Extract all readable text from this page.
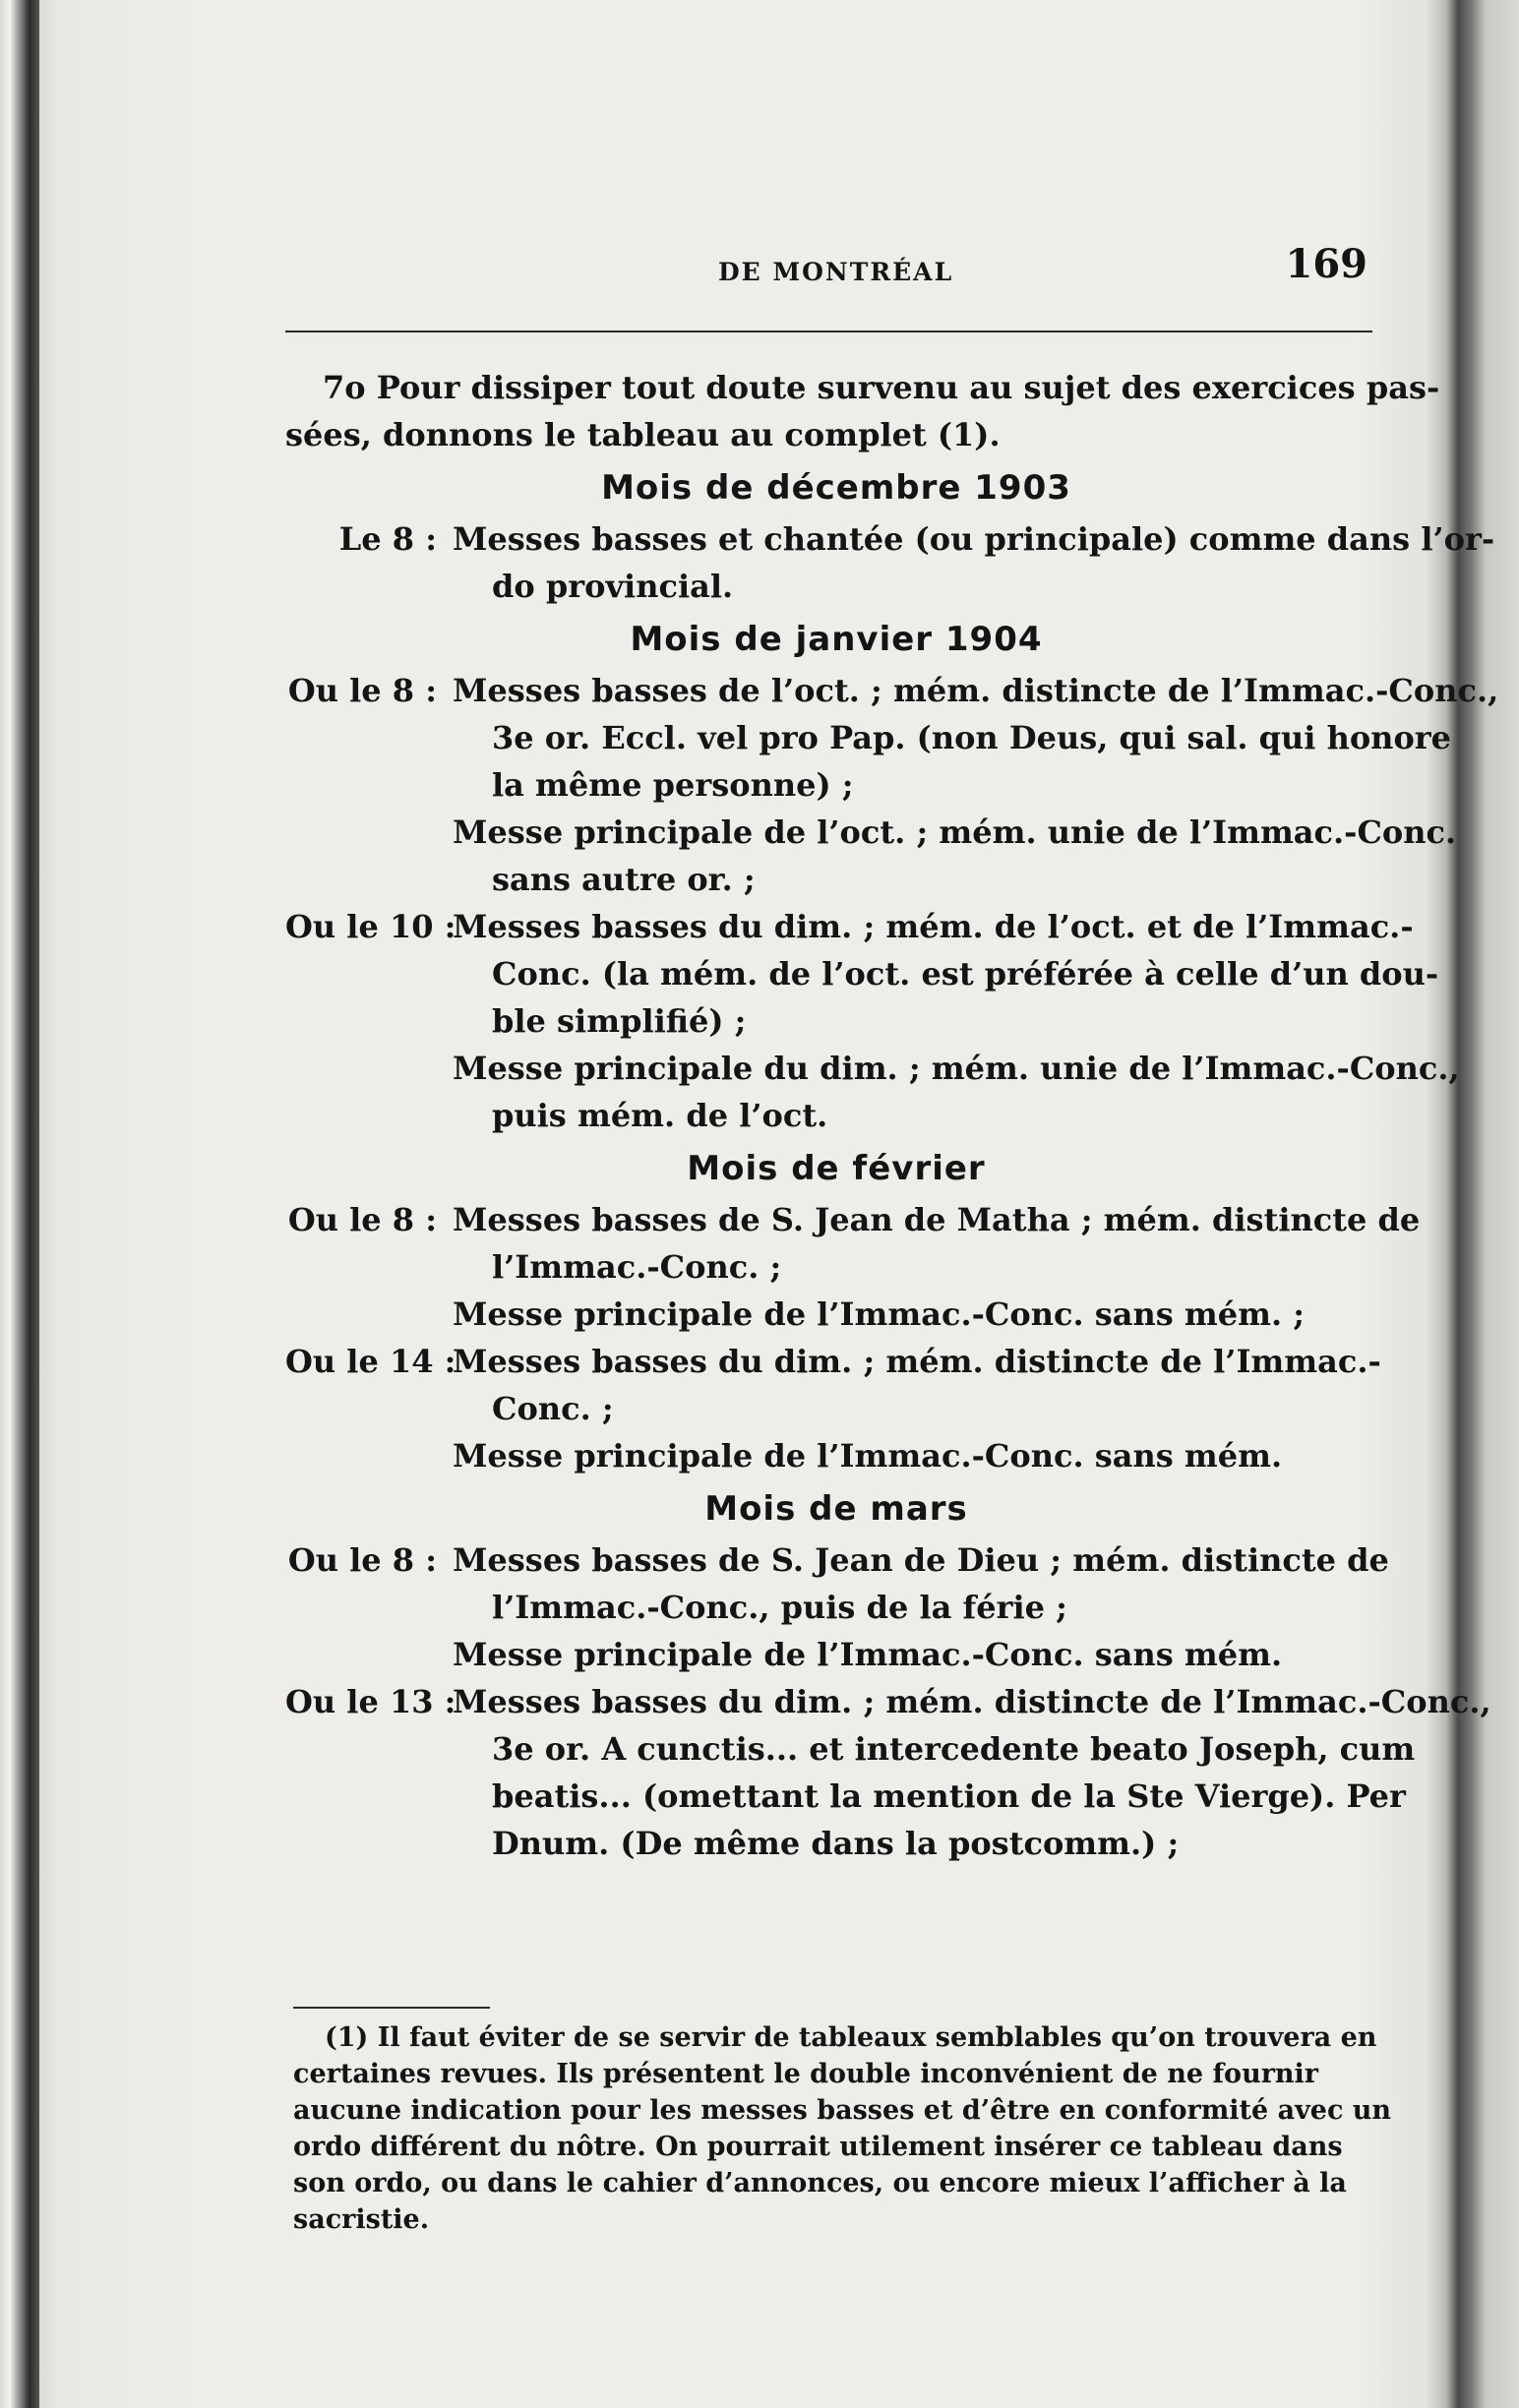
DE MONTRÉAL	169

7o Pour dissiper tout doute survenu au sujet des exercices pas-
sées, donnons le tableau au complet (1).

Mois de décembre 1903
Le 8 : Messes basses et chantée (ou principale) comme dans l’or-
do provincial.
Mois de janvier 1904
Ou le 8 : Messes basses de l’oct. ; mém. distincte de l’Immac.-Conc.,
3e or. Eccl. vel pro Pap. (non Deus, qui sal. qui honore
la même personne) ;
Messe principale de l’oct. ; mém. unie de l’Immac.-Conc.
sans autre or. ;
Ou le 10 :
Messes basses du dim. ; mém. de l’oct. et de l’Immac.-
Conc. (la mém. de l’oct. est préférée à celle d’un dou-
ble simplifié) ;
Messe principale du dim. ; mém. unie de l’Immac.-Conc.,
puis mém. de l’oct.
Mois de février
Ou le 8 : Messes basses de S. Jean de Matha ; mém. distincte de
l’Immac.-Conc. ;
Messe principale de l’Immac.-Conc. sans mém. ;
Ou le 14 :
Messes basses du dim. ; mém. distincte de l’Immac.-
Conc. ;
Messe principale de l’Immac.-Conc. sans mém.
Mois de mars
Ou le 8 : Messes basses de S. Jean de Dieu ; mém. distincte de
l’Immac.-Conc., puis de la férie ;
Messe principale de l’Immac.-Conc. sans mém.
Ou le 13 :
Messes basses du dim. ; mém. distincte de l’Immac.-Conc.,
3e or. A cunctis... et intercedente beato Joseph, cum
beatis... (omettant la mention de la Ste Vierge). Per
Dnum. (De même dans la postcomm.) ;
(1) Il faut éviter de se servir de tableaux semblables qu’on trouvera en
certaines revues. Ils présentent le double inconvénient de ne fournir
aucune indication pour les messes basses et d’être en conformité avec un
ordo différent du nôtre. On pourrait utilement insérer ce tableau dans
son ordo, ou dans le cahier d’annonces, ou encore mieux l’afficher à la
sacristie.
